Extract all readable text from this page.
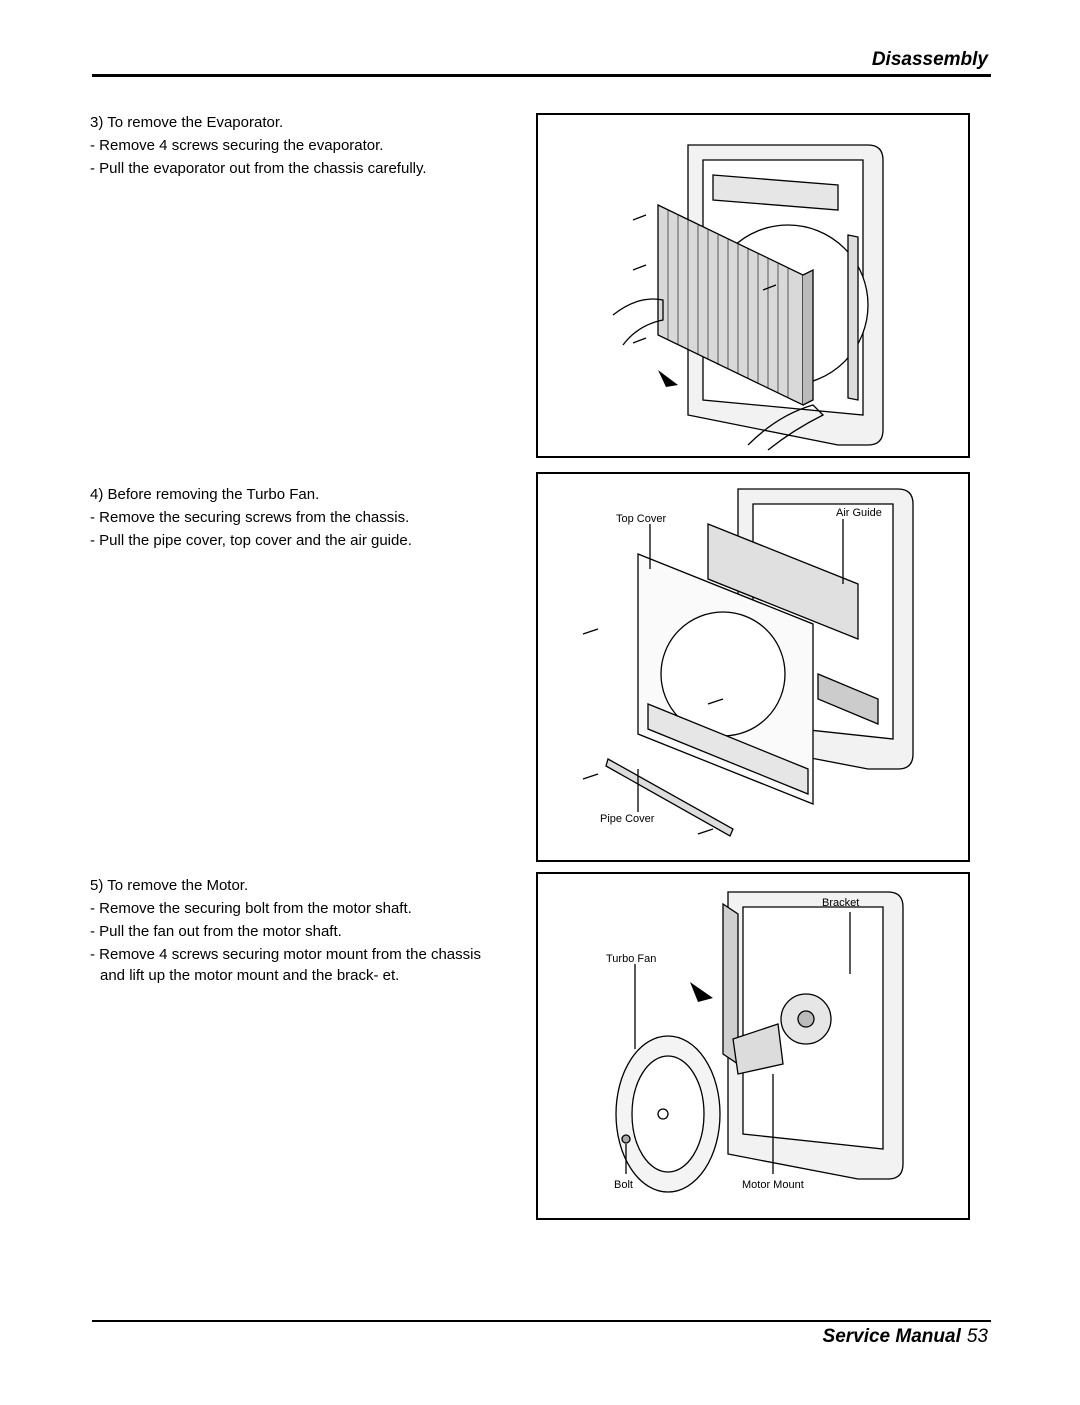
Disassembly
3) To remove the Evaporator.
- Remove 4 screws securing the evaporator.
- Pull the evaporator out from the chassis carefully.
4) Before removing the Turbo Fan.
- Remove the securing screws from the chassis.
- Pull the pipe cover, top cover and the air guide.
5) To remove the Motor.
- Remove the securing bolt from the motor shaft.
- Pull the fan out from the motor shaft.
- Remove 4 screws securing motor mount from the chassis and lift up the motor mount and the brack- et.
Top Cover	Air Guide
Pipe Cover
Bracket
Turbo Fan
Bolt	Motor Mount
Service Manual 53
